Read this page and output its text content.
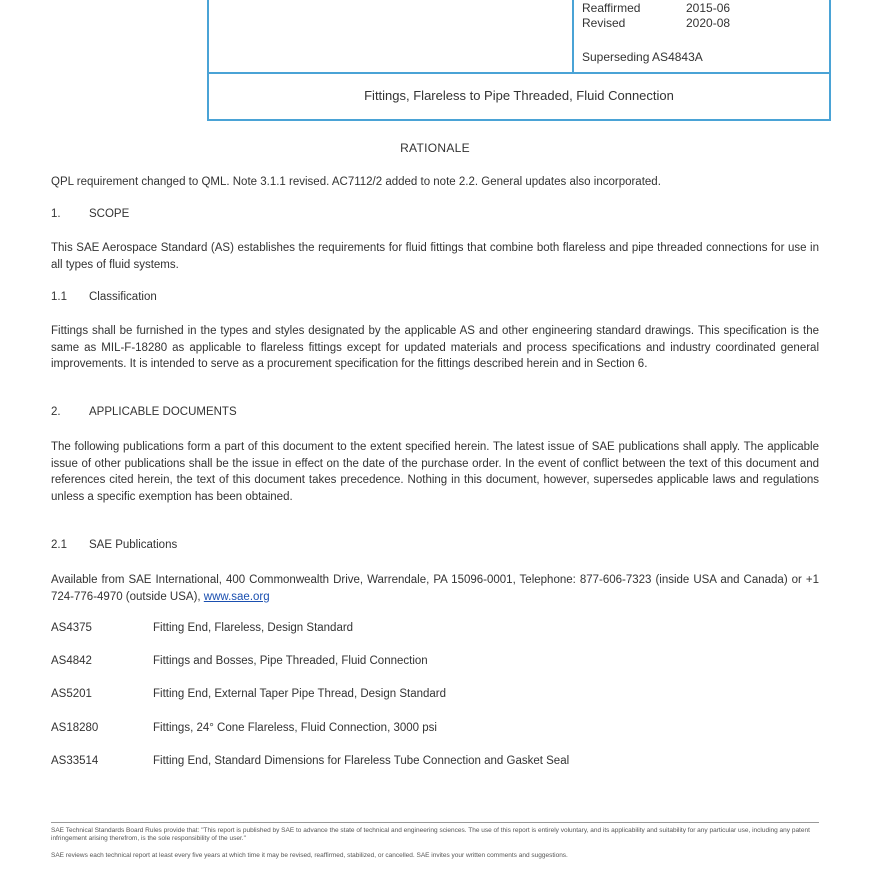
Reaffirmed	2015-06
Revised	2020-08
Superseding AS4843A
Fittings, Flareless to Pipe Threaded, Fluid Connection
RATIONALE
QPL requirement changed to QML. Note 3.1.1 revised. AC7112/2 added to note 2.2. General updates also incorporated.
1. SCOPE
This SAE Aerospace Standard (AS) establishes the requirements for fluid fittings that combine both flareless and pipe threaded connections for use in all types of fluid systems.
1.1 Classification
Fittings shall be furnished in the types and styles designated by the applicable AS and other engineering standard drawings. This specification is the same as MIL-F-18280 as applicable to flareless fittings except for updated materials and process specifications and industry coordinated general improvements. It is intended to serve as a procurement specification for the fittings described herein and in Section 6.
2. APPLICABLE DOCUMENTS
The following publications form a part of this document to the extent specified herein. The latest issue of SAE publications shall apply. The applicable issue of other publications shall be the issue in effect on the date of the purchase order. In the event of conflict between the text of this document and references cited herein, the text of this document takes precedence. Nothing in this document, however, supersedes applicable laws and regulations unless a specific exemption has been obtained.
2.1 SAE Publications
Available from SAE International, 400 Commonwealth Drive, Warrendale, PA 15096-0001, Telephone: 877-606-7323 (inside USA and Canada) or +1 724-776-4970 (outside USA), www.sae.org
AS4375	Fitting End, Flareless, Design Standard
AS4842	Fittings and Bosses, Pipe Threaded, Fluid Connection
AS5201	Fitting End, External Taper Pipe Thread, Design Standard
AS18280	Fittings, 24° Cone Flareless, Fluid Connection, 3000 psi
AS33514	Fitting End, Standard Dimensions for Flareless Tube Connection and Gasket Seal
SAE Technical Standards Board Rules provide that: "This report is published by SAE to advance the state of technical and engineering sciences. The use of this report is entirely voluntary, and its applicability and suitability for any particular use, including any patent infringement arising therefrom, is the sole responsibility of the user."
SAE reviews each technical report at least every five years at which time it may be revised, reaffirmed, stabilized, or cancelled. SAE invites your written comments and suggestions.
